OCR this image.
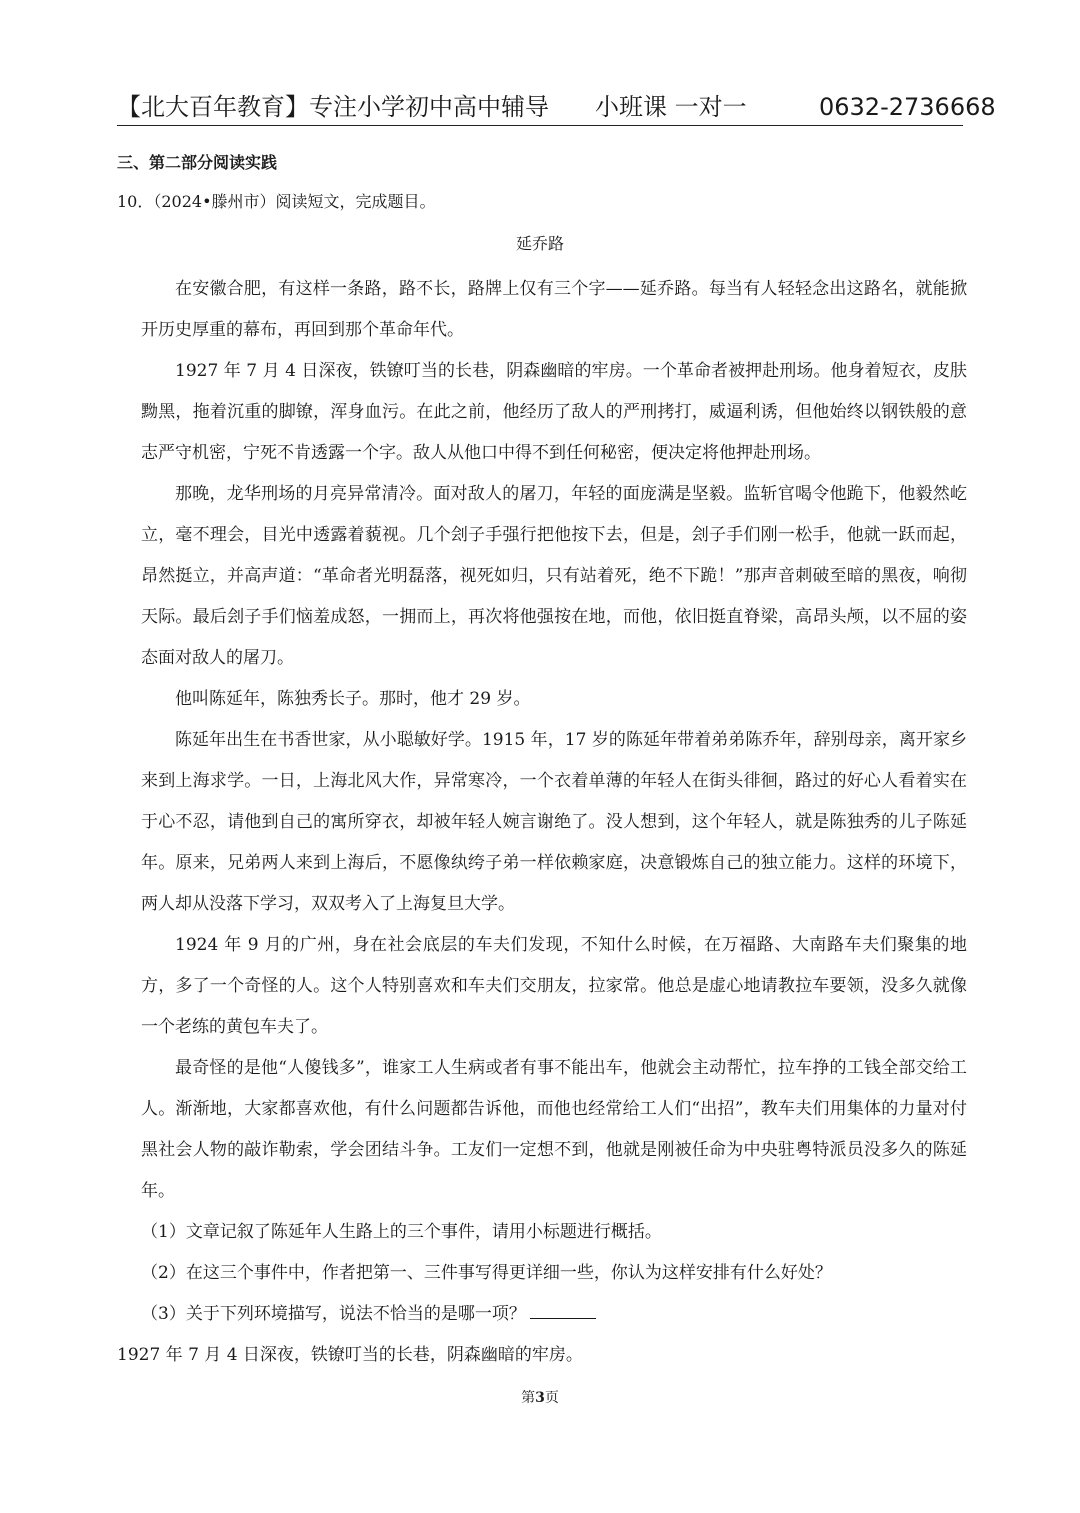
【北大百年教育】专注小学初中高中辅导 小班课 一对一	0632-2736668
三、第二部分阅读实践
10．（2024•滕州市）阅读短文，完成题目。
延乔路

在安徽合肥，有这样一条路，路不长，路牌上仅有三个字——延乔路。每当有人轻轻念出这路名，就能掀开历史厚重的幕布，再回到那个革命年代。

1927 年 7 月 4 日深夜，铁镣叮当的长巷，阴森幽暗的牢房。一个革命者被押赴刑场。他身着短衣，皮肤黝黑，拖着沉重的脚镣，浑身血污。在此之前，他经历了敌人的严刑拷打，威逼利诱，但他始终以钢铁般的意志严守机密，宁死不肯透露一个字。敌人从他口中得不到任何秘密，便决定将他押赴刑场。

那晚，龙华刑场的月亮异常清冷。面对敌人的屠刀，年轻的面庞满是坚毅。监斩官喝令他跪下，他毅然屹立，毫不理会，目光中透露着藐视。几个刽子手强行把他按下去，但是，刽子手们刚一松手，他就一跃而起，昂然挺立，并高声道：“革命者光明磊落，视死如归，只有站着死，绝不下跪！”那声音刺破至暗的黑夜，响彻天际。最后刽子手们恼羞成怒，一拥而上，再次将他强按在地，而他，依旧挺直脊梁，高昂头颅，以不屈的姿态面对敌人的屠刀。

他叫陈延年，陈独秀长子。那时，他才 29 岁。

陈延年出生在书香世家，从小聪敏好学。1915 年，17 岁的陈延年带着弟弟陈乔年，辞别母亲，离开家乡来到上海求学。一日，上海北风大作，异常寒冷，一个衣着单薄的年轻人在街头徘徊，路过的好心人看着实在于心不忍，请他到自己的寓所穿衣，却被年轻人婉言谢绝了。没人想到，这个年轻人，就是陈独秀的儿子陈延年。原来，兄弟两人来到上海后，不愿像纨绔子弟一样依赖家庭，决意锻炼自己的独立能力。这样的环境下，两人却从没落下学习，双双考入了上海复旦大学。

1924 年 9 月的广州，身在社会底层的车夫们发现，不知什么时候，在万福路、大南路车夫们聚集的地方，多了一个奇怪的人。这个人特别喜欢和车夫们交朋友，拉家常。他总是虚心地请教拉车要领，没多久就像一个老练的黄包车夫了。

最奇怪的是他“人傻钱多”，谁家工人生病或者有事不能出车，他就会主动帮忙，拉车挣的工钱全部交给工人。渐渐地，大家都喜欢他，有什么问题都告诉他，而他也经常给工人们“出招”，教车夫们用集体的力量对付黑社会人物的敲诈勒索，学会团结斗争。工友们一定想不到，他就是刚被任命为中央驻粤特派员没多久的陈延年。

（1）文章记叙了陈延年人生路上的三个事件，请用小标题进行概括。

（2）在这三个事件中，作者把第一、三件事写得更详细一些，你认为这样安排有什么好处？

（3）关于下列环境描写，说法不恰当的是哪一项？

1927 年 7 月 4 日深夜，铁镣叮当的长巷，阴森幽暗的牢房。

第3页
